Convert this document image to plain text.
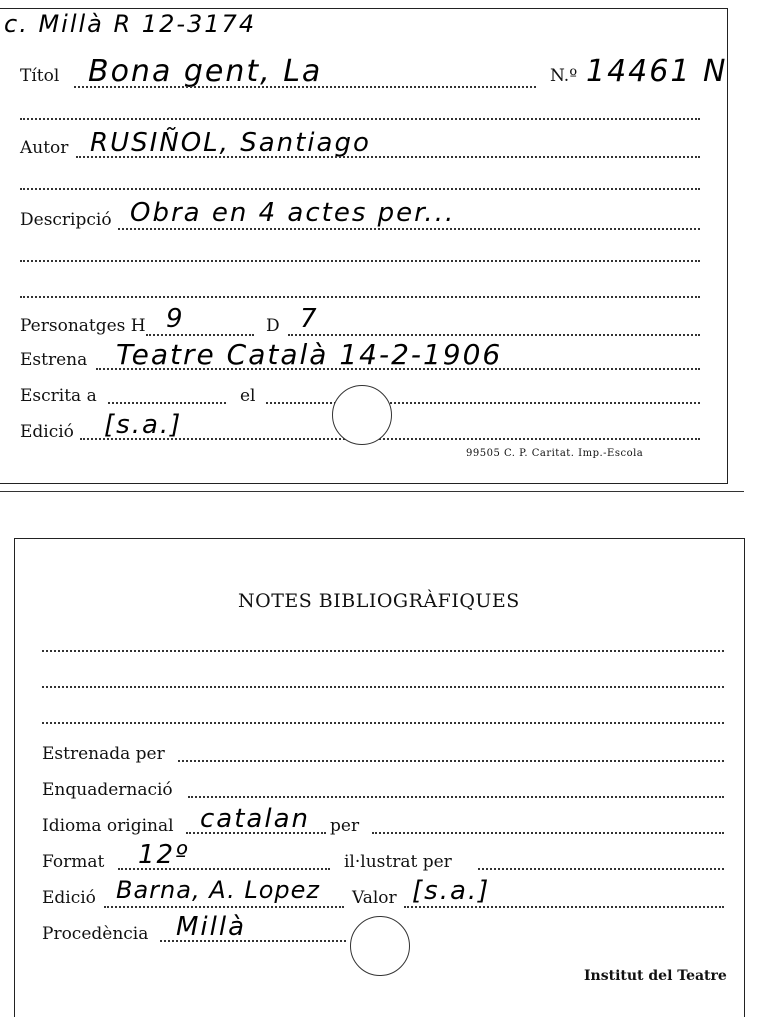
c. Millà R 12-3174
Títol Bona gent, La	N.º 14461 N
Autor RUSIÑOL, Santiago
Descripció Obra en 4 actes per...
Personatges H 9	D 7
Estrena Teatre Català 14-2-1906
Escrita a	el
Edició [s.a.]
99505 C. P. Caritat. Imp.-Escola
NOTES BIBLIOGRÀFIQUES
Estrenada per
Enquadernació
Idioma original catalan per
Format 12º	il·lustrat per
Edició Barna, A. Lopez Valor [s.a.]
Procedència Millà
Institut del Teatre
